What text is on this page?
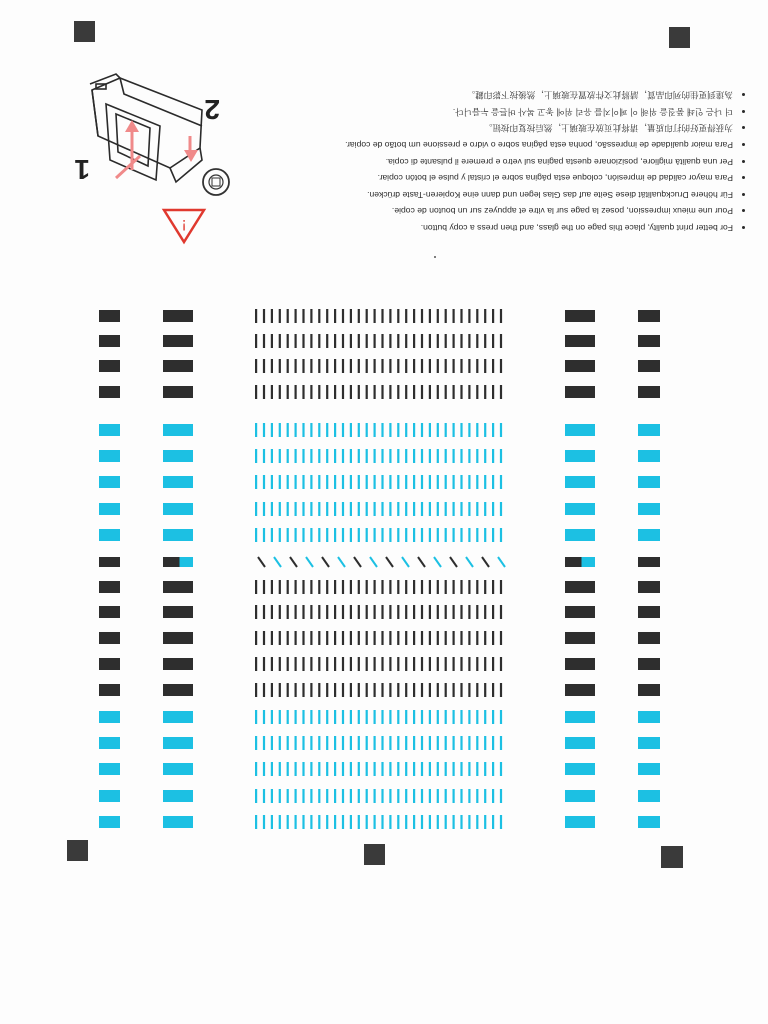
• For better print quality, place this page on the glass, and then press a copy button.
• Pour une mieux impression, posez la page sur la vitre et appuyez sur un bouton de copie.
• Für höhere Druckqualität diese Seite auf das Glas legen und dann eine Kopieren-Taste drücken.
• Para mayor calidad de impresión, coloque esta página sobre el cristal y pulse el botón copiar.
• Per una qualità migliore, posizionare questa pagina sul vetro e premere il pulsante di copia.
• Para maior qualidade de impressão, ponha esta página sobre o vidro e pressione um botão de copiar.
• 为获得更好的打印质量，请将此页放在玻璃上，然后按复印按钮。
• 더 나은 인쇄 품질을 위해 이 페이지를 유리 위에 놓고 복사 버튼을 누릅니다.
• 為達到更佳的列印品質，請將此文件放置在玻璃上，然後按下影印鍵。
!
1
2
